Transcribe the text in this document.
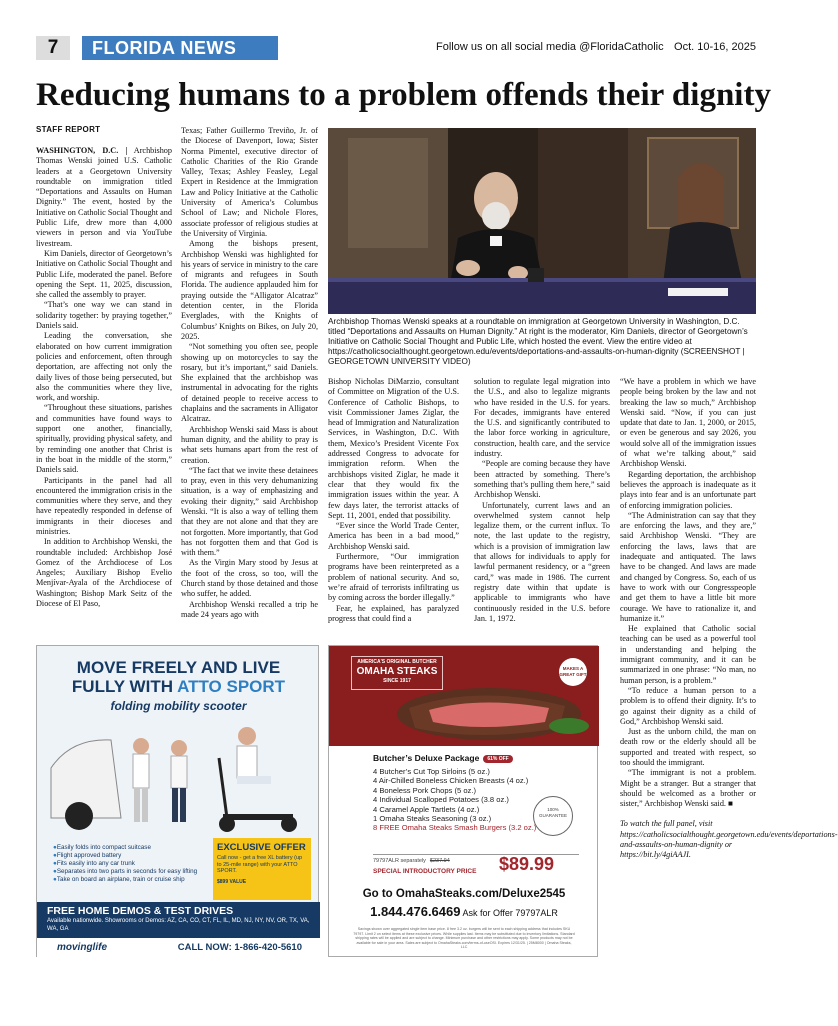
7	FLORIDA NEWS	Follow us on all social media @FloridaCatholic Oct. 10-16, 2025
Reducing humans to a problem offends their dignity
STAFF REPORT

WASHINGTON, D.C. | Archbishop Thomas Wenski joined U.S. Catholic leaders at a Georgetown University roundtable on immigration titled “Deportations and Assaults on Human Dignity.” The event, hosted by the Initiative on Catholic Social Thought and Public Life, drew more than 4,000 viewers in person and via YouTube livestream.

Kim Daniels, director of Georgetown’s Initiative on Catholic Social Thought and Public Life, moderated the panel. Before opening the Sept. 11, 2025, discussion, she called the assembly to prayer.

“That’s one way we can stand in solidarity together: by praying together,” Daniels said.

Leading the conversation, she elaborated on how current immigration policies and enforcement, often through deportation, are affecting not only the daily lives of those being persecuted, but also the communities where they live, work, and worship.

“Throughout these situations, parishes and communities have found ways to support one another, financially, spiritually, providing physical safety, and by reminding one another that Christ is in the boat in the middle of the storm,” Daniels said.

Participants in the panel had all encountered the immigration crisis in the communities where they serve, and they have repeatedly responded in defense of immigrants in their dioceses and ministries.

In addition to Archbishop Wenski, the roundtable included: Archbishop José Gomez of the Archdiocese of Los Angeles; Auxiliary Bishop Evelio Menjívar-Ayala of the Archdiocese of Washington; Bishop Mark Seitz of the Diocese of El Paso,

Texas; Father Guillermo Treviño, Jr. of the Diocese of Davenport, Iowa; Sister Norma Pimentel, executive director of Catholic Charities of the Rio Grande Valley, Texas; Ashley Feasley, Legal Expert in Residence at the Immigration Law and Policy Initiative at the Catholic University of America’s Columbus School of Law; and Nichole Flores, associate professor of religious studies at the University of Virginia.

Among the bishops present, Archbishop Wenski was highlighted for his years of service in ministry to the care of migrants and refugees in South Florida. The audience applauded him for praying outside the “Alligator Alcatraz” detention center, in the Florida Everglades, with the Knights of Columbus’ Knights on Bikes, on July 20, 2025.

“Not something you often see, people showing up on motorcycles to say the rosary, but it’s important,” said Daniels. She explained that the archbishop was instrumental in advocating for the rights of detained people to receive access to chaplains and the sacraments in Alligator Alcatraz.

Archbishop Wenski said Mass is about human dignity, and the ability to pray is what sets humans apart from the rest of creation.

“The fact that we invite these detainees to pray, even in this very dehumanizing situation, is a way of emphasizing and evoking their dignity,” said Archbishop Wenski. “It is also a way of telling them that they are not alone and that they are not forgotten. More importantly, that God has not forgotten them and that God is with them.”

As the Virgin Mary stood by Jesus at the foot of the cross, so too, will the Church stand by those detained and those who suffer, he added.

Archbishop Wenski recalled a trip he made 24 years ago with

Archbishop Thomas Wenski speaks at a roundtable on immigration at Georgetown University in Washington, D.C. titled “Deportations and Assaults on Human Dignity.” At right is the moderator, Kim Daniels, director of Georgetown’s Initiative on Catholic Social Thought and Public Life, which hosted the event. View the entire video at https://catholicsocialthought.georgetown.edu/events/deportations-and-assaults-on-human-dignity (SCREENSHOT | GEORGETOWN UNIVERSITY VIDEO)

Bishop Nicholas DiMarzio, consultant of Committee on Migration of the U.S. Conference of Catholic Bishops, to visit Commissioner James Ziglar, the head of Immigration and Naturalization Services, in Washington, D.C. With them, Mexico’s President Vicente Fox addressed Congress to advocate for immigration reform. When the archbishops visited Ziglar, he made it clear that they would fix the immigration issues within the year. A few days later, the terrorist attacks of Sept. 11, 2001, ended that possibility.

“Ever since the World Trade Center, America has been in a bad mood,” Archbishop Wenski said.

Furthermore, “Our immigration programs have been reinterpreted as a problem of national security. And so, we’re afraid of terrorists infiltrating us by coming across the border illegally.”

Fear, he explained, has paralyzed progress that could find a

solution to regulate legal migration into the U.S., and also to legalize migrants who have resided in the U.S. for years. For decades, immigrants have entered the U.S. and significantly contributed to the labor force working in agriculture, construction, health care, and the service industry.

“People are coming because they have been attracted by something. There’s something that’s pulling them here,” said Archbishop Wenski.

Unfortunately, current laws and an overwhelmed system cannot help legalize them, or the current influx. To note, the last update to the registry, which is a provision of immigration law that allows for individuals to apply for lawful permanent residency, or a “green card,” was made in 1986. The current registry date within that update is applicable to immigrants who have continuously resided in the U.S. before Jan. 1, 1972.

“We have a problem in which we have people being broken by the law and not breaking the law so much,” Archbishop Wenski said. “Now, if you can just update that date to Jan. 1, 2000, or 2015, or even be generous and say 2026, you would solve all of the immigration issues of what we’re talking about,” said Archbishop Wenski.

Regarding deportation, the archbishop believes the approach is inadequate as it plays into fear and is an unfortunate part of enforcing immigration policies.

“The Administration can say that they are enforcing the laws, and they are,” said Archbishop Wenski. “They are enforcing the laws, laws that are inadequate and antiquated. The laws have to be changed. And laws are made and changed by Congress. So, each of us have to work with our Congresspeople and get them to have a little bit more courage. We have to rationalize it, and humanize it.”

He explained that Catholic social teaching can be used as a powerful tool in understanding and helping the immigrant community, and it can be summarized in one phrase: “No man, no human person, is a problem.”

“To reduce a human person to a problem is to offend their dignity. It’s to go against their dignity as a child of God,” Archbishop Wenski said.

Just as the unborn child, the man on death row or the elderly should all be supported and treated with respect, so too should the immigrant.

“The immigrant is not a problem. Might be a stranger. But a stranger that should be welcomed as a brother or sister,” Archbishop Wenski said. ■

To watch the full panel, visit https://catholicsocialthought.georgetown.edu/events/deportations-and-assaults-on-human-dignity or https://bit.ly/4giAAJI.

MOVE FREELY AND LIVE
FULLY WITH ATTO SPORT
folding mobility scooter
● Easily folds into compact suitcase
● Flight approved battery
● Fits easily into any car trunk
● Separates into two parts in seconds for easy lifting
● Take on board an airplane, train or cruise ship
EXCLUSIVE OFFER
Call now - get a free XL battery (up to 25-mile range) with your ATTO SPORT.
$899 VALUE
FREE HOME DEMOS & TEST DRIVES
Available nationwide. Showrooms or Demos: AZ, CA, CO, CT, FL, IL, MD, NJ, NY, NV, OR, TX, VA, WA, GA
movinglife	CALL NOW: 1-866-420-5610
AMERICA'S ORIGINAL BUTCHER
OMAHA STEAKS
SINCE 1917
MAKES A GREAT GIFT
Butcher’s Deluxe Package 61% OFF
4 Butcher’s Cut Top Sirloins (5 oz.)
4 Air-Chilled Boneless Chicken Breasts (4 oz.)
4 Boneless Pork Chops (5 oz.)
4 Individual Scalloped Potatoes (3.8 oz.)
4 Caramel Apple Tartlets (4 oz.)
1 Omaha Steaks Seasoning (3 oz.)
8 FREE Omaha Steaks Smash Burgers (3.2 oz.)
100% GUARANTEE
79797ALR separately $237.94
SPECIAL INTRODUCTORY PRICE $89.99
Go to OmahaSteaks.com/Deluxe2545
1.844.476.6469 Ask for Offer 79797ALR
Savings shown over aggregated single item base price. 8 free 3.2 oz. burgers will be sent to each shipping address that includes SKU 79797. Limit 2 on select items at these exclusive prices. While supplies last. Items may be substituted due to inventory limitations. Standard shipping rates will be applied and are subject to change. Minimum purchase and other restrictions may apply. Some products may not be available for sale in your area. Sales are subject to OmahaSteaks.com/terms-of-useOSI. Expires 12/31/25. | 25M8000 | Omaha Steaks, LLC
